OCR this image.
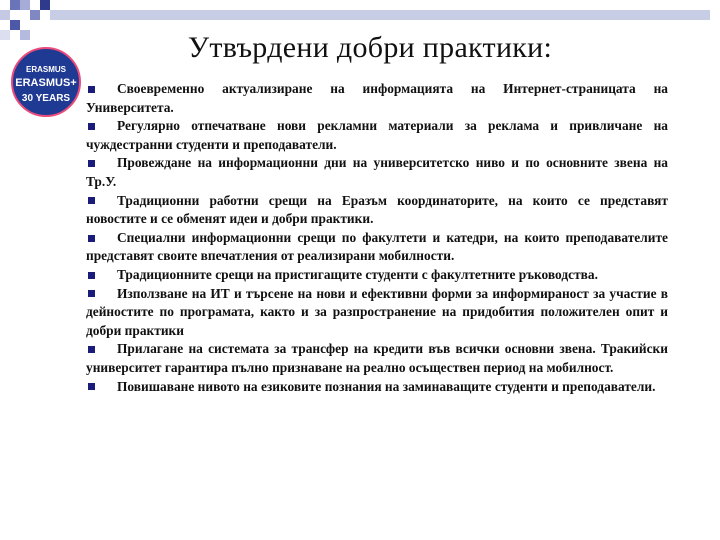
ERASMUS
ERASMUS+
30 YEARS
Утвърдени добри практики:

Своевременно актуализиране на информацията на Интернет-страницата на Университета.

Регулярно отпечатване нови рекламни материали за реклама и привличане на чуждестранни студенти и преподаватели.

Провеждане на информационни дни на университетско ниво и по основните звена на Тр.У.

Традиционни работни срещи на Еразъм координаторите, на които се представят новостите и се обменят идеи и добри практики.

Специални информационни срещи по факултети и катедри, на които преподавателите представят своите впечатления от реализирани мобилности.

Традиционните срещи на пристигащите студенти с факултетните ръководства.

Използване на ИТ и търсене на нови и ефективни форми за информираност за участие в дейностите по програмата, както и за разпространение на придобития положителен опит и добри практики

Прилагане на системата за трансфер на кредити във всички основни звена. Тракийски университет гарантира пълно признаване на реално осъществен период на мобилност.

Повишаване нивото на езиковите познания на заминаващите студенти и преподаватели.
